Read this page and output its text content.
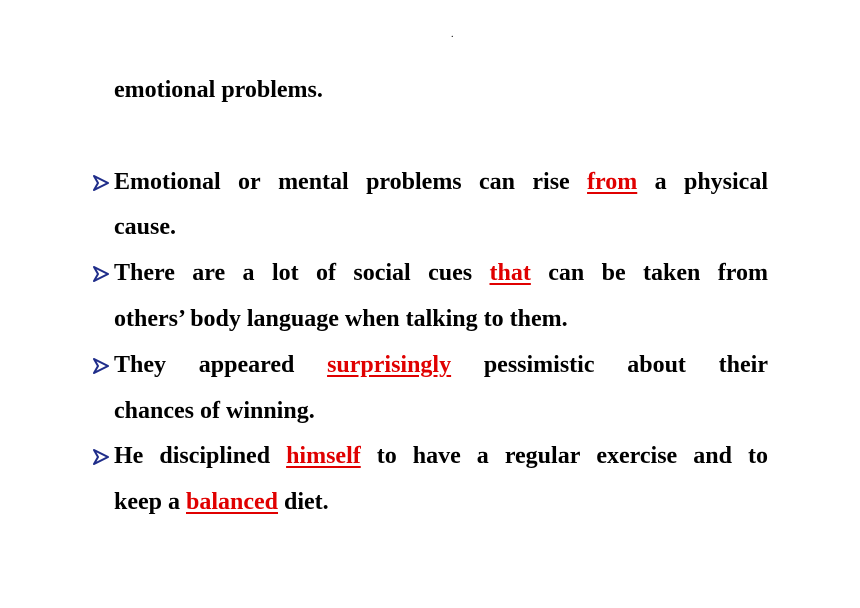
.
emotional problems.
Emotional or mental problems can rise from a physical
cause.
There are a lot of social cues that can be taken from
others’ body language when talking to them.
They appeared surprisingly pessimistic about their
chances of winning.
He disciplined himself to have a regular exercise and to
keep a balanced diet.
